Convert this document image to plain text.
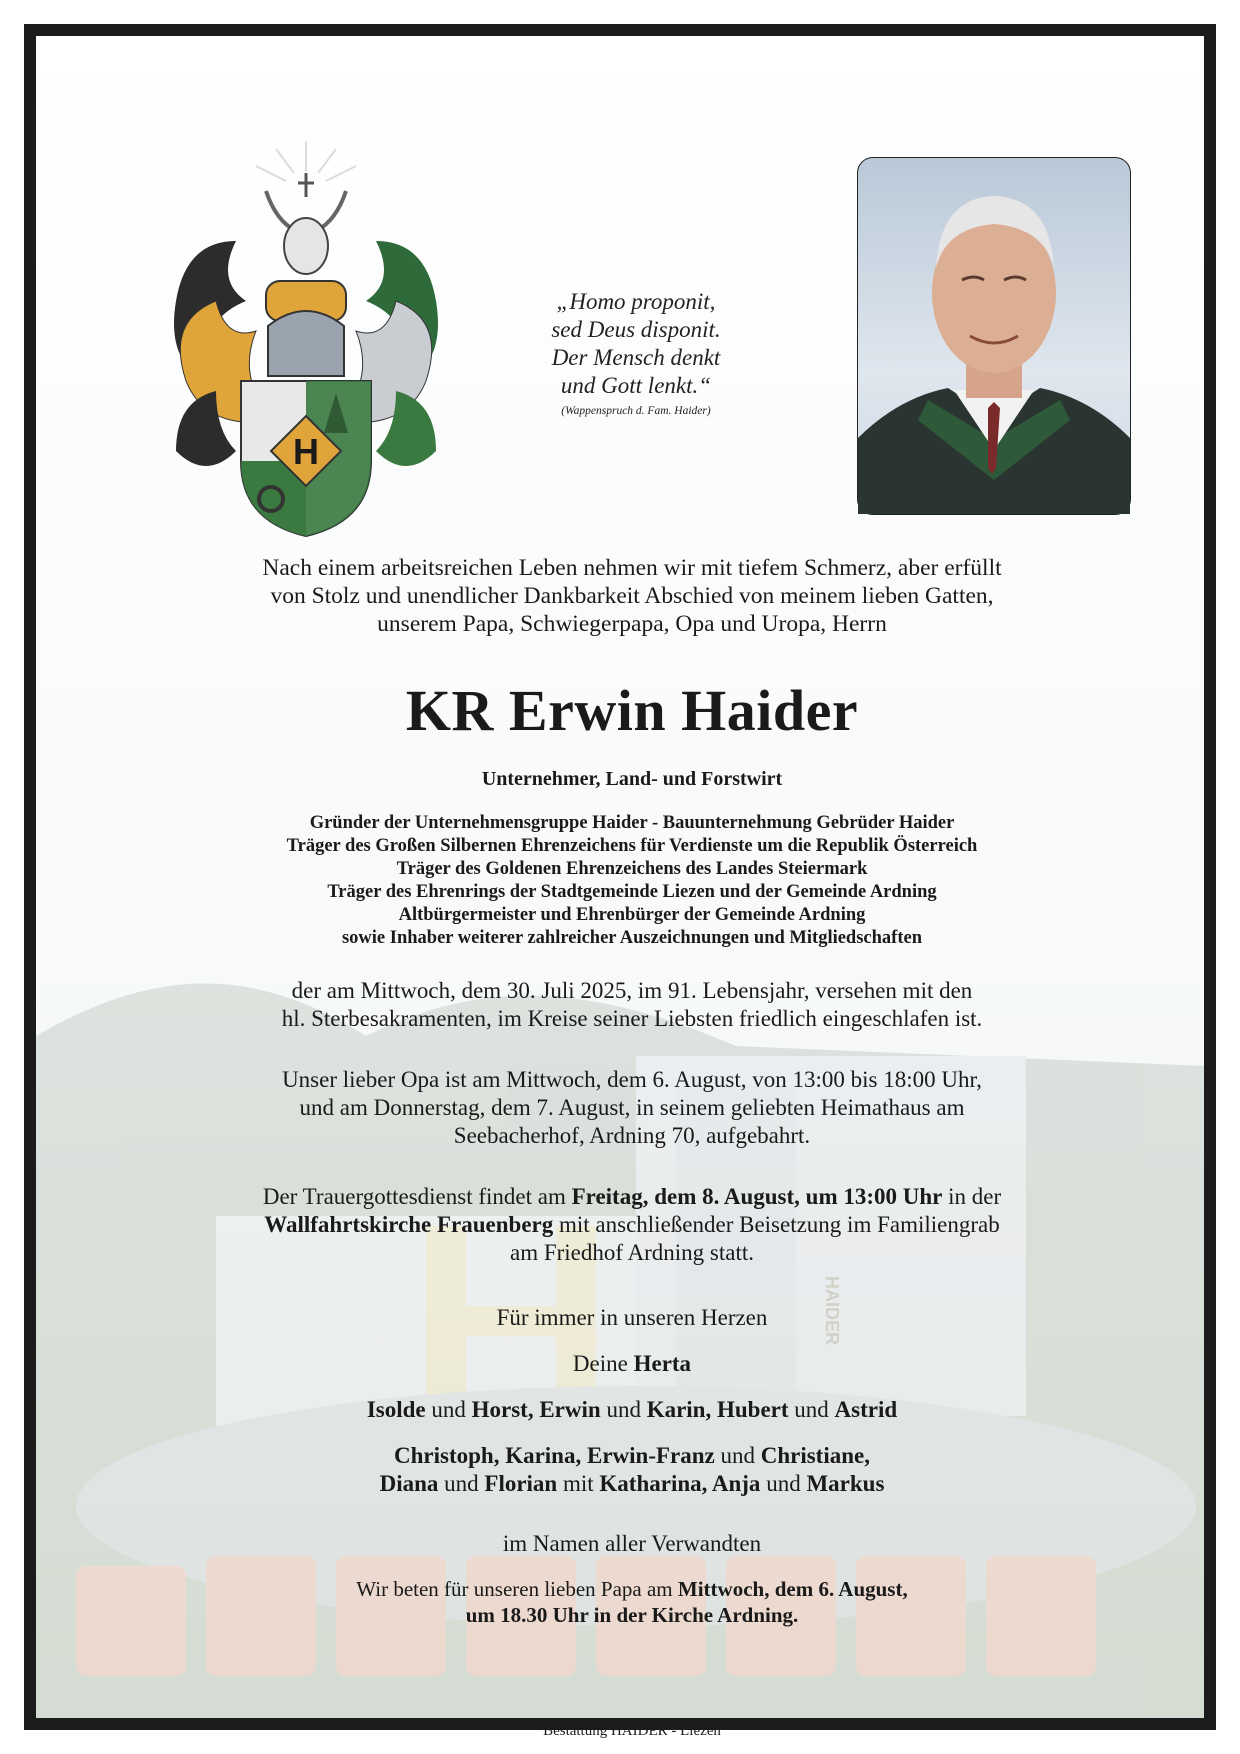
HAIDER
H
„Homo proponit,
sed Deus disponit.
Der Mensch denkt
und Gott lenkt.“
(Wappenspruch d. Fam. Haider)
Nach einem arbeitsreichen Leben nehmen wir mit tiefem Schmerz, aber erfüllt
von Stolz und unendlicher Dankbarkeit Abschied von meinem lieben Gatten,
unserem Papa, Schwiegerpapa, Opa und Uropa, Herrn
KR Erwin Haider
Unternehmer, Land- und Forstwirt
Gründer der Unternehmensgruppe Haider - Bauunternehmung Gebrüder Haider
Träger des Großen Silbernen Ehrenzeichens für Verdienste um die Republik Österreich
Träger des Goldenen Ehrenzeichens des Landes Steiermark
Träger des Ehrenrings der Stadtgemeinde Liezen und der Gemeinde Ardning
Altbürgermeister und Ehrenbürger der Gemeinde Ardning
sowie Inhaber weiterer zahlreicher Auszeichnungen und Mitgliedschaften
der am Mittwoch, dem 30. Juli 2025, im 91. Lebensjahr, versehen mit den
hl. Sterbesakramenten, im Kreise seiner Liebsten friedlich eingeschlafen ist.
Unser lieber Opa ist am Mittwoch, dem 6. August, von 13:00 bis 18:00 Uhr,
und am Donnerstag, dem 7. August, in seinem geliebten Heimathaus am
Seebacherhof, Ardning 70, aufgebahrt.
Der Trauergottesdienst findet am Freitag, dem 8. August, um 13:00 Uhr in der
Wallfahrtskirche Frauenberg mit anschließender Beisetzung im Familiengrab
am Friedhof Ardning statt.
Für immer in unseren Herzen
Deine Herta
Isolde und Horst, Erwin und Karin, Hubert und Astrid
Christoph, Karina, Erwin-Franz und Christiane,
Diana und Florian mit Katharina, Anja und Markus
im Namen aller Verwandten
Wir beten für unseren lieben Papa am Mittwoch, dem 6. August,
um 18.30 Uhr in der Kirche Ardning.
Bestattung HAIDER - Liezen
